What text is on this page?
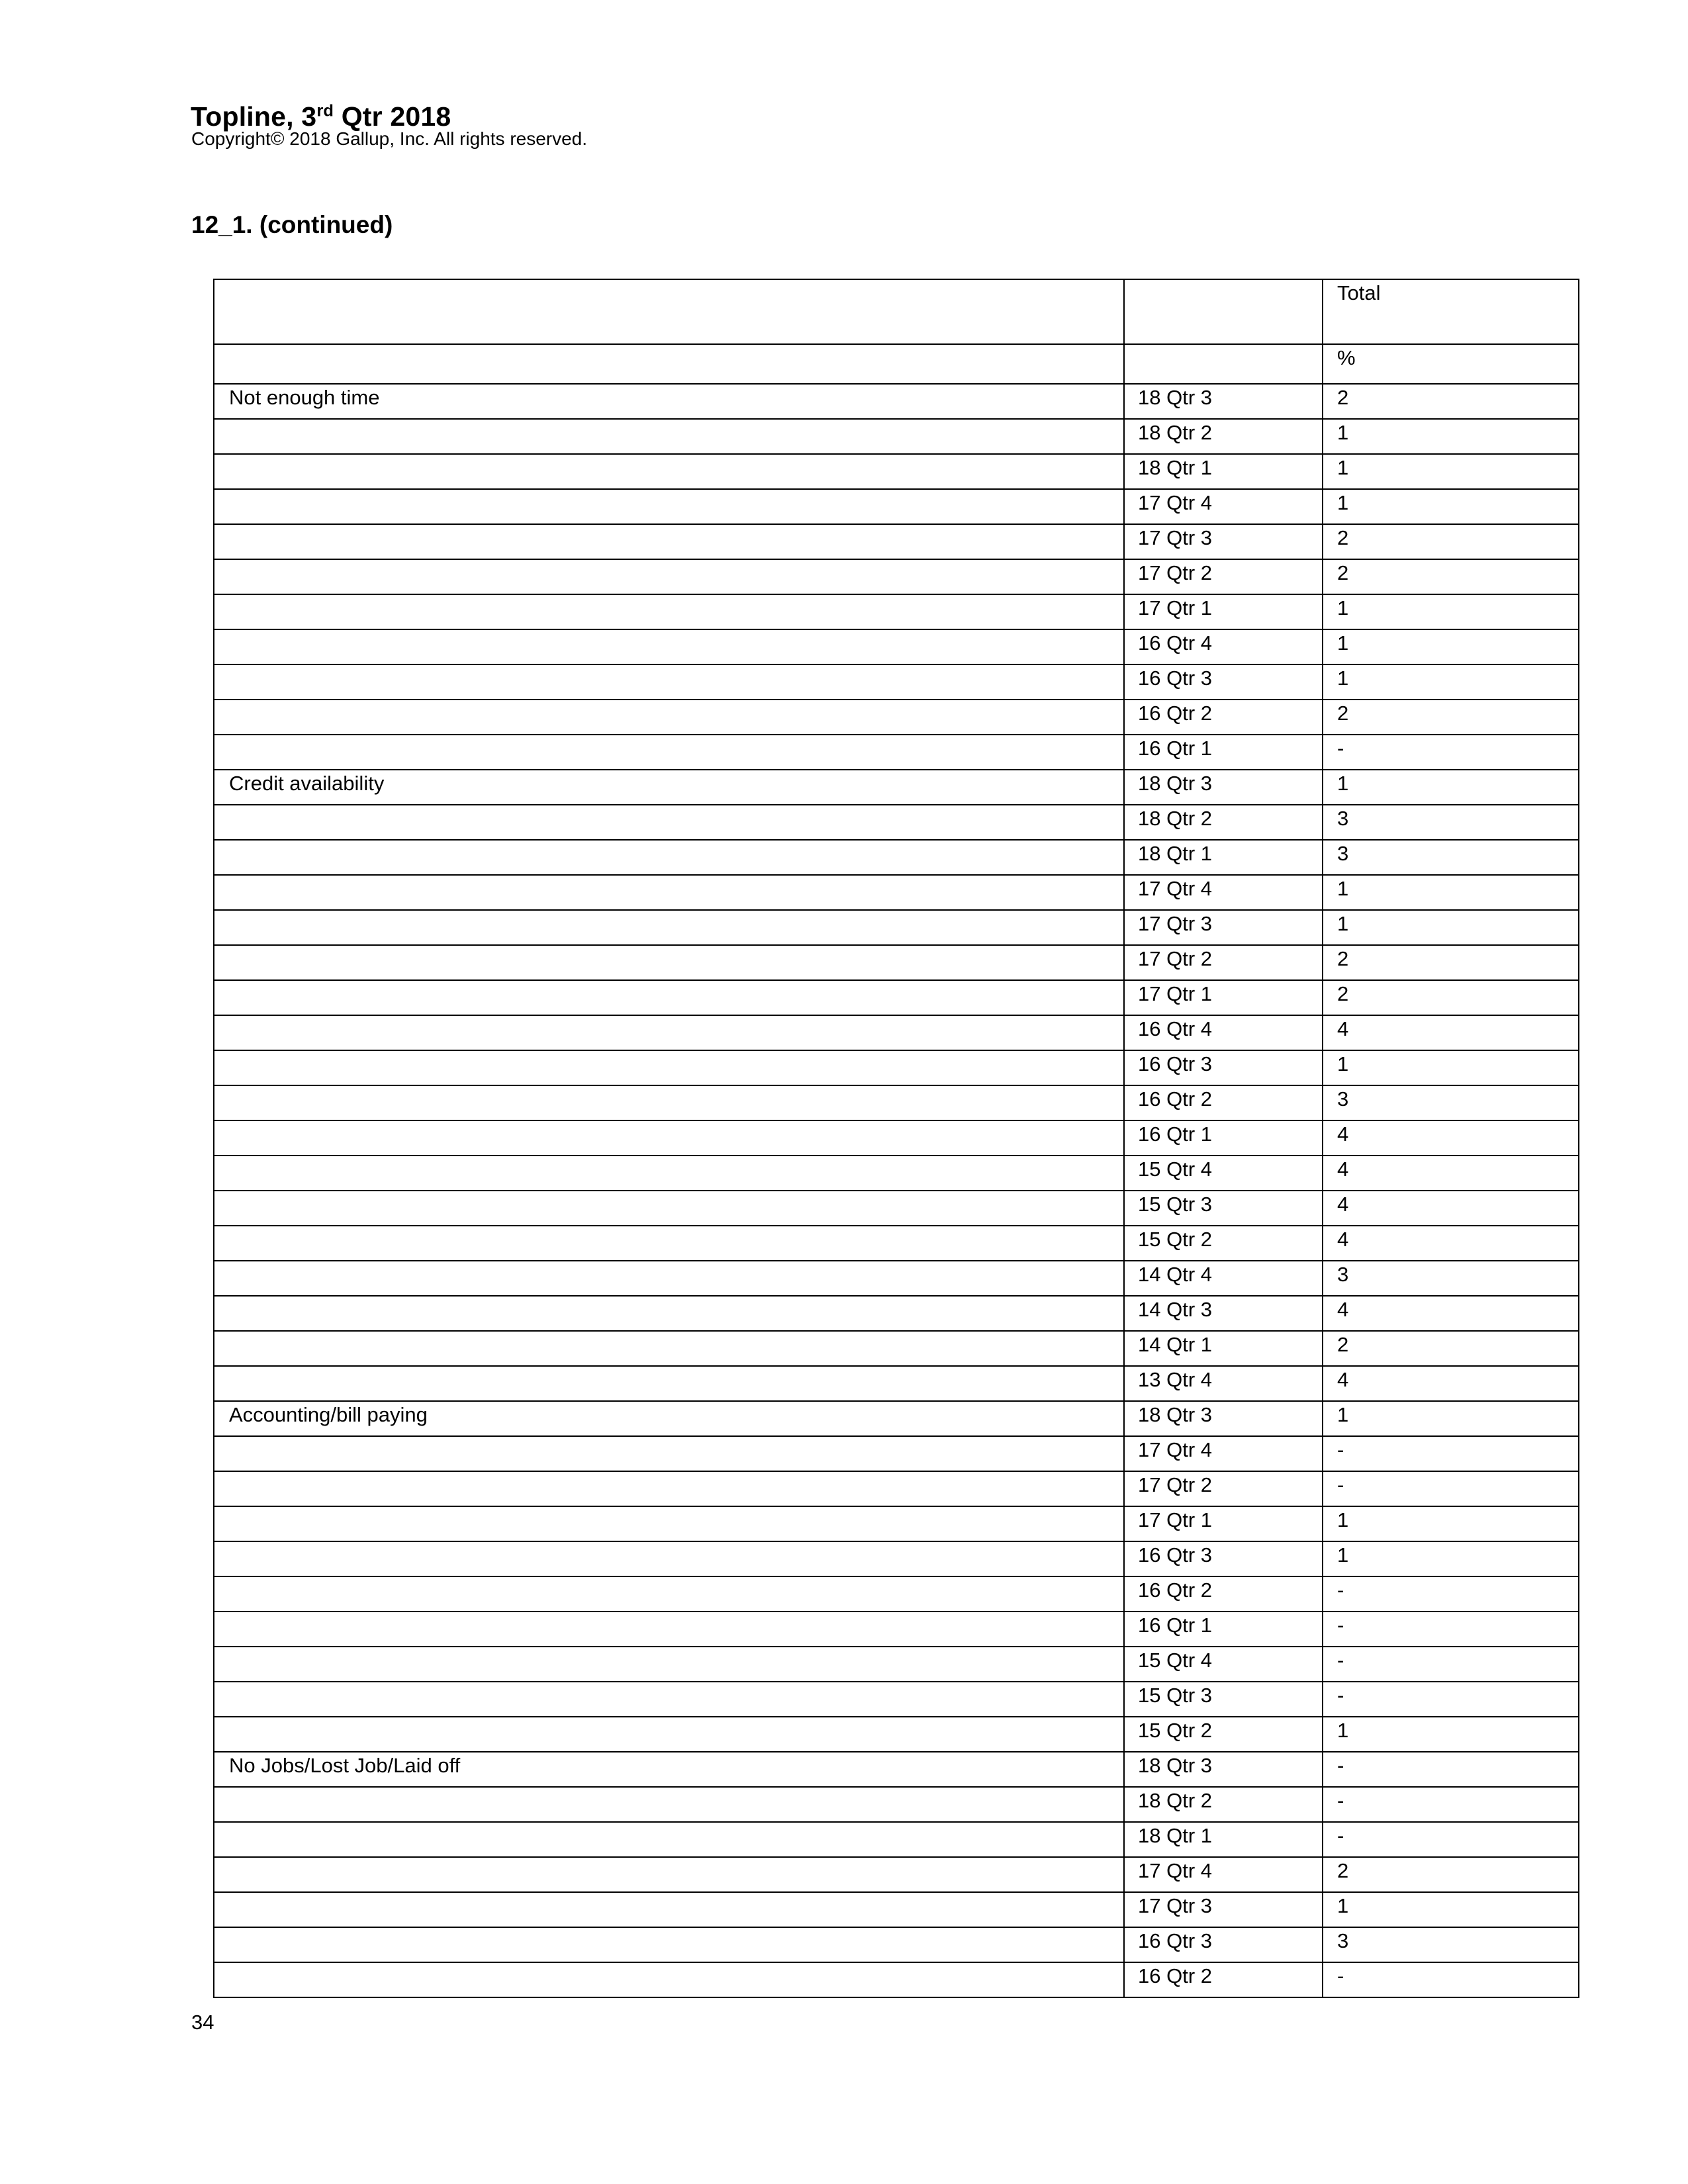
Topline, 3rd Qtr 2018
Copyright© 2018 Gallup, Inc. All rights reserved.
12_1. (continued)

		Total

		%

Not enough time	18 Qtr 3	2

	18 Qtr 2	1

	18 Qtr 1	1

	17 Qtr 4	1

	17 Qtr 3	2

	17 Qtr 2	2

	17 Qtr 1	1

	16 Qtr 4	1

	16 Qtr 3	1

	16 Qtr 2	2

	16 Qtr 1	-

Credit availability	18 Qtr 3	1

	18 Qtr 2	3

	18 Qtr 1	3

	17 Qtr 4	1

	17 Qtr 3	1

	17 Qtr 2	2

	17 Qtr 1	2

	16 Qtr 4	4

	16 Qtr 3	1

	16 Qtr 2	3

	16 Qtr 1	4

	15 Qtr 4	4

	15 Qtr 3	4

	15 Qtr 2	4

	14 Qtr 4	3

	14 Qtr 3	4

	14 Qtr 1	2

	13 Qtr 4	4

Accounting/bill paying	18 Qtr 3	1

	17 Qtr 4	-

	17 Qtr 2	-

	17 Qtr 1	1

	16 Qtr 3	1

	16 Qtr 2	-

	16 Qtr 1	-

	15 Qtr 4	-

	15 Qtr 3	-

	15 Qtr 2	1

No Jobs/Lost Job/Laid off	18 Qtr 3	-

	18 Qtr 2	-

	18 Qtr 1	-

	17 Qtr 4	2

	17 Qtr 3	1

	16 Qtr 3	3

	16 Qtr 2	-
34
